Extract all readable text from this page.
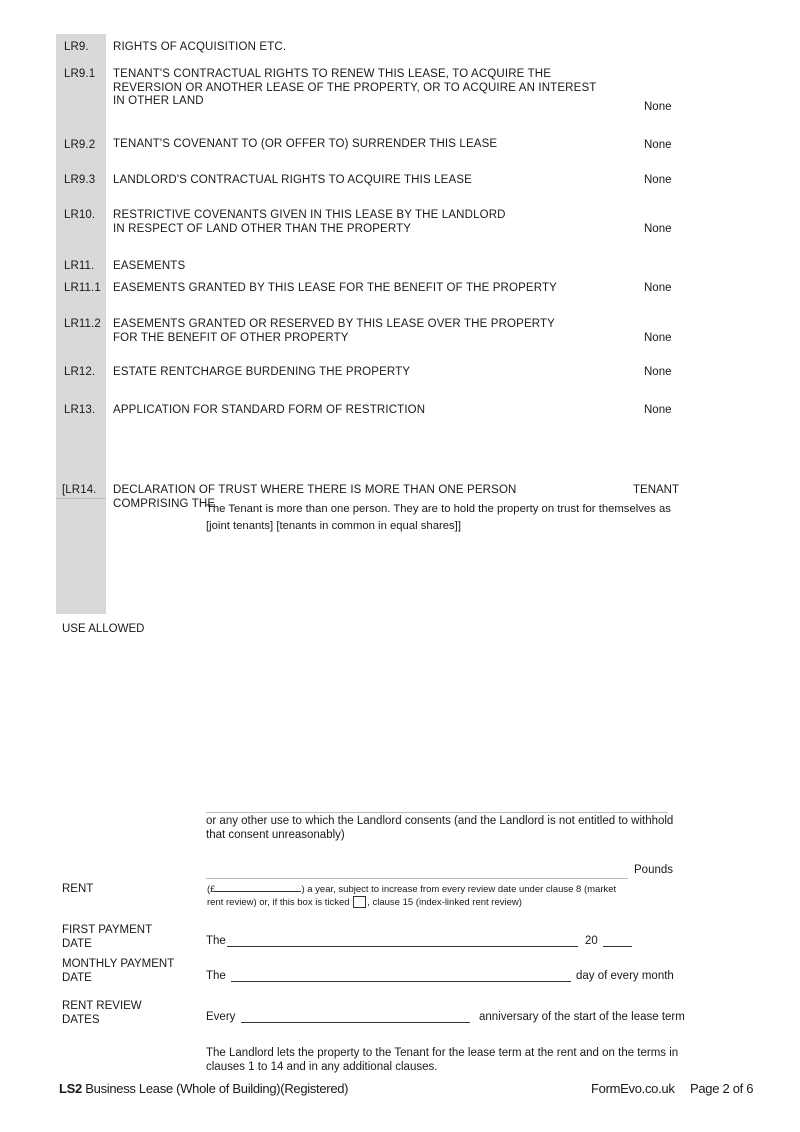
LR9. RIGHTS OF ACQUISITION ETC.
LR9.1 TENANT'S CONTRACTUAL RIGHTS TO RENEW THIS LEASE, TO ACQUIRE THE
REVERSION OR ANOTHER LEASE OF THE PROPERTY, OR TO ACQUIRE AN INTEREST
IN OTHER LAND	None
LR9.2 TENANT'S COVENANT TO (OR OFFER TO) SURRENDER THIS LEASE	None
LR9.3 LANDLORD'S CONTRACTUAL RIGHTS TO ACQUIRE THIS LEASE	None
LR10. RESTRICTIVE COVENANTS GIVEN IN THIS LEASE BY THE LANDLORD
IN RESPECT OF LAND OTHER THAN THE PROPERTY	None
LR11. EASEMENTS
LR11.1 EASEMENTS GRANTED BY THIS LEASE FOR THE BENEFIT OF THE PROPERTY	None
LR11.2 EASEMENTS GRANTED OR RESERVED BY THIS LEASE OVER THE PROPERTY
FOR THE BENEFIT OF OTHER PROPERTY	None
LR12. ESTATE RENTCHARGE BURDENING THE PROPERTY	None
LR13. APPLICATION FOR STANDARD FORM OF RESTRICTION	None
[LR14. DECLARATION OF TRUST WHERE THERE IS MORE THAN ONE PERSON COMPRISING THE
TENANT
The Tenant is more than one person. They are to hold the property on trust for themselves as
[joint tenants] [tenants in common in equal shares]]
USE ALLOWED
or any other use to which the Landlord consents (and the Landlord is not entitled to withhold
that consent unreasonably)
Pounds
RENT	(£	) a year, subject to increase from every review date under clause 8 (market
rent review) or, if this box is ticked , clause 15 (index-linked rent review)
FIRST PAYMENT
DATE	The	20
MONTHLY PAYMENT
DATE	The	day of every month
RENT REVIEW
DATES	Every	anniversary of the start of the lease term
The Landlord lets the property to the Tenant for the lease term at the rent and on the terms in
clauses 1 to 14 and in any additional clauses.
LS2 Business Lease (Whole of Building)(Registered)	FormEvo.co.uk Page 2 of 6
